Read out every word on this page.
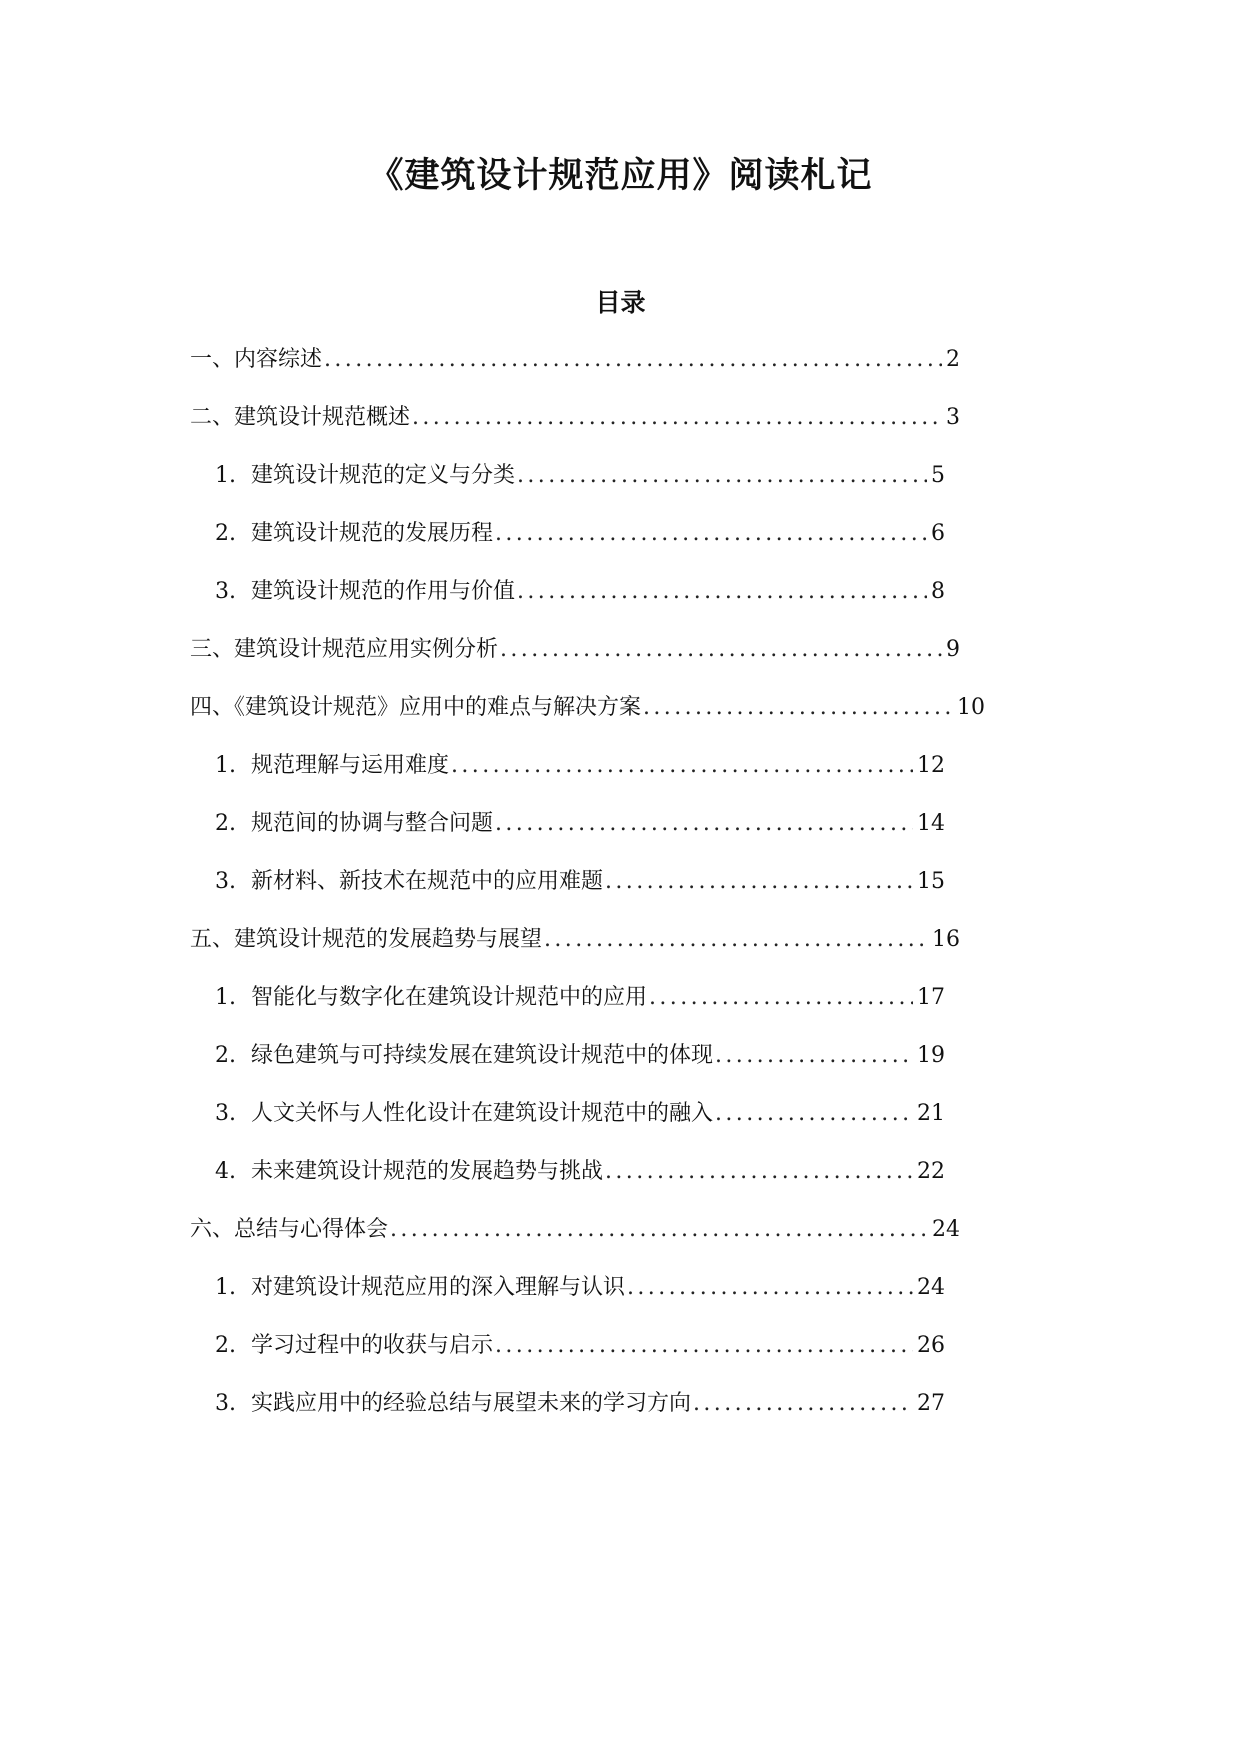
《建筑设计规范应用》阅读札记
目录
一、内容综述 .....	2
二、建筑设计规范概述 .....	3
1. 建筑设计规范的定义与分类 .....	5
2. 建筑设计规范的发展历程 .....	6
3. 建筑设计规范的作用与价值 .....	8
三、建筑设计规范应用实例分析 .....	9
四、《建筑设计规范》应用中的难点与解决方案 .....	10
1. 规范理解与运用难度 .....	12
2. 规范间的协调与整合问题 .....	14
3. 新材料、新技术在规范中的应用难题 .....	15
五、建筑设计规范的发展趋势与展望 .....	16
1. 智能化与数字化在建筑设计规范中的应用 .....	17
2. 绿色建筑与可持续发展在建筑设计规范中的体现 .....	19
3. 人文关怀与人性化设计在建筑设计规范中的融入 .....	21
4. 未来建筑设计规范的发展趋势与挑战 .....	22
六、总结与心得体会 .....	24
1. 对建筑设计规范应用的深入理解与认识 .....	24
2. 学习过程中的收获与启示 .....	26
3. 实践应用中的经验总结与展望未来的学习方向 .....	27
